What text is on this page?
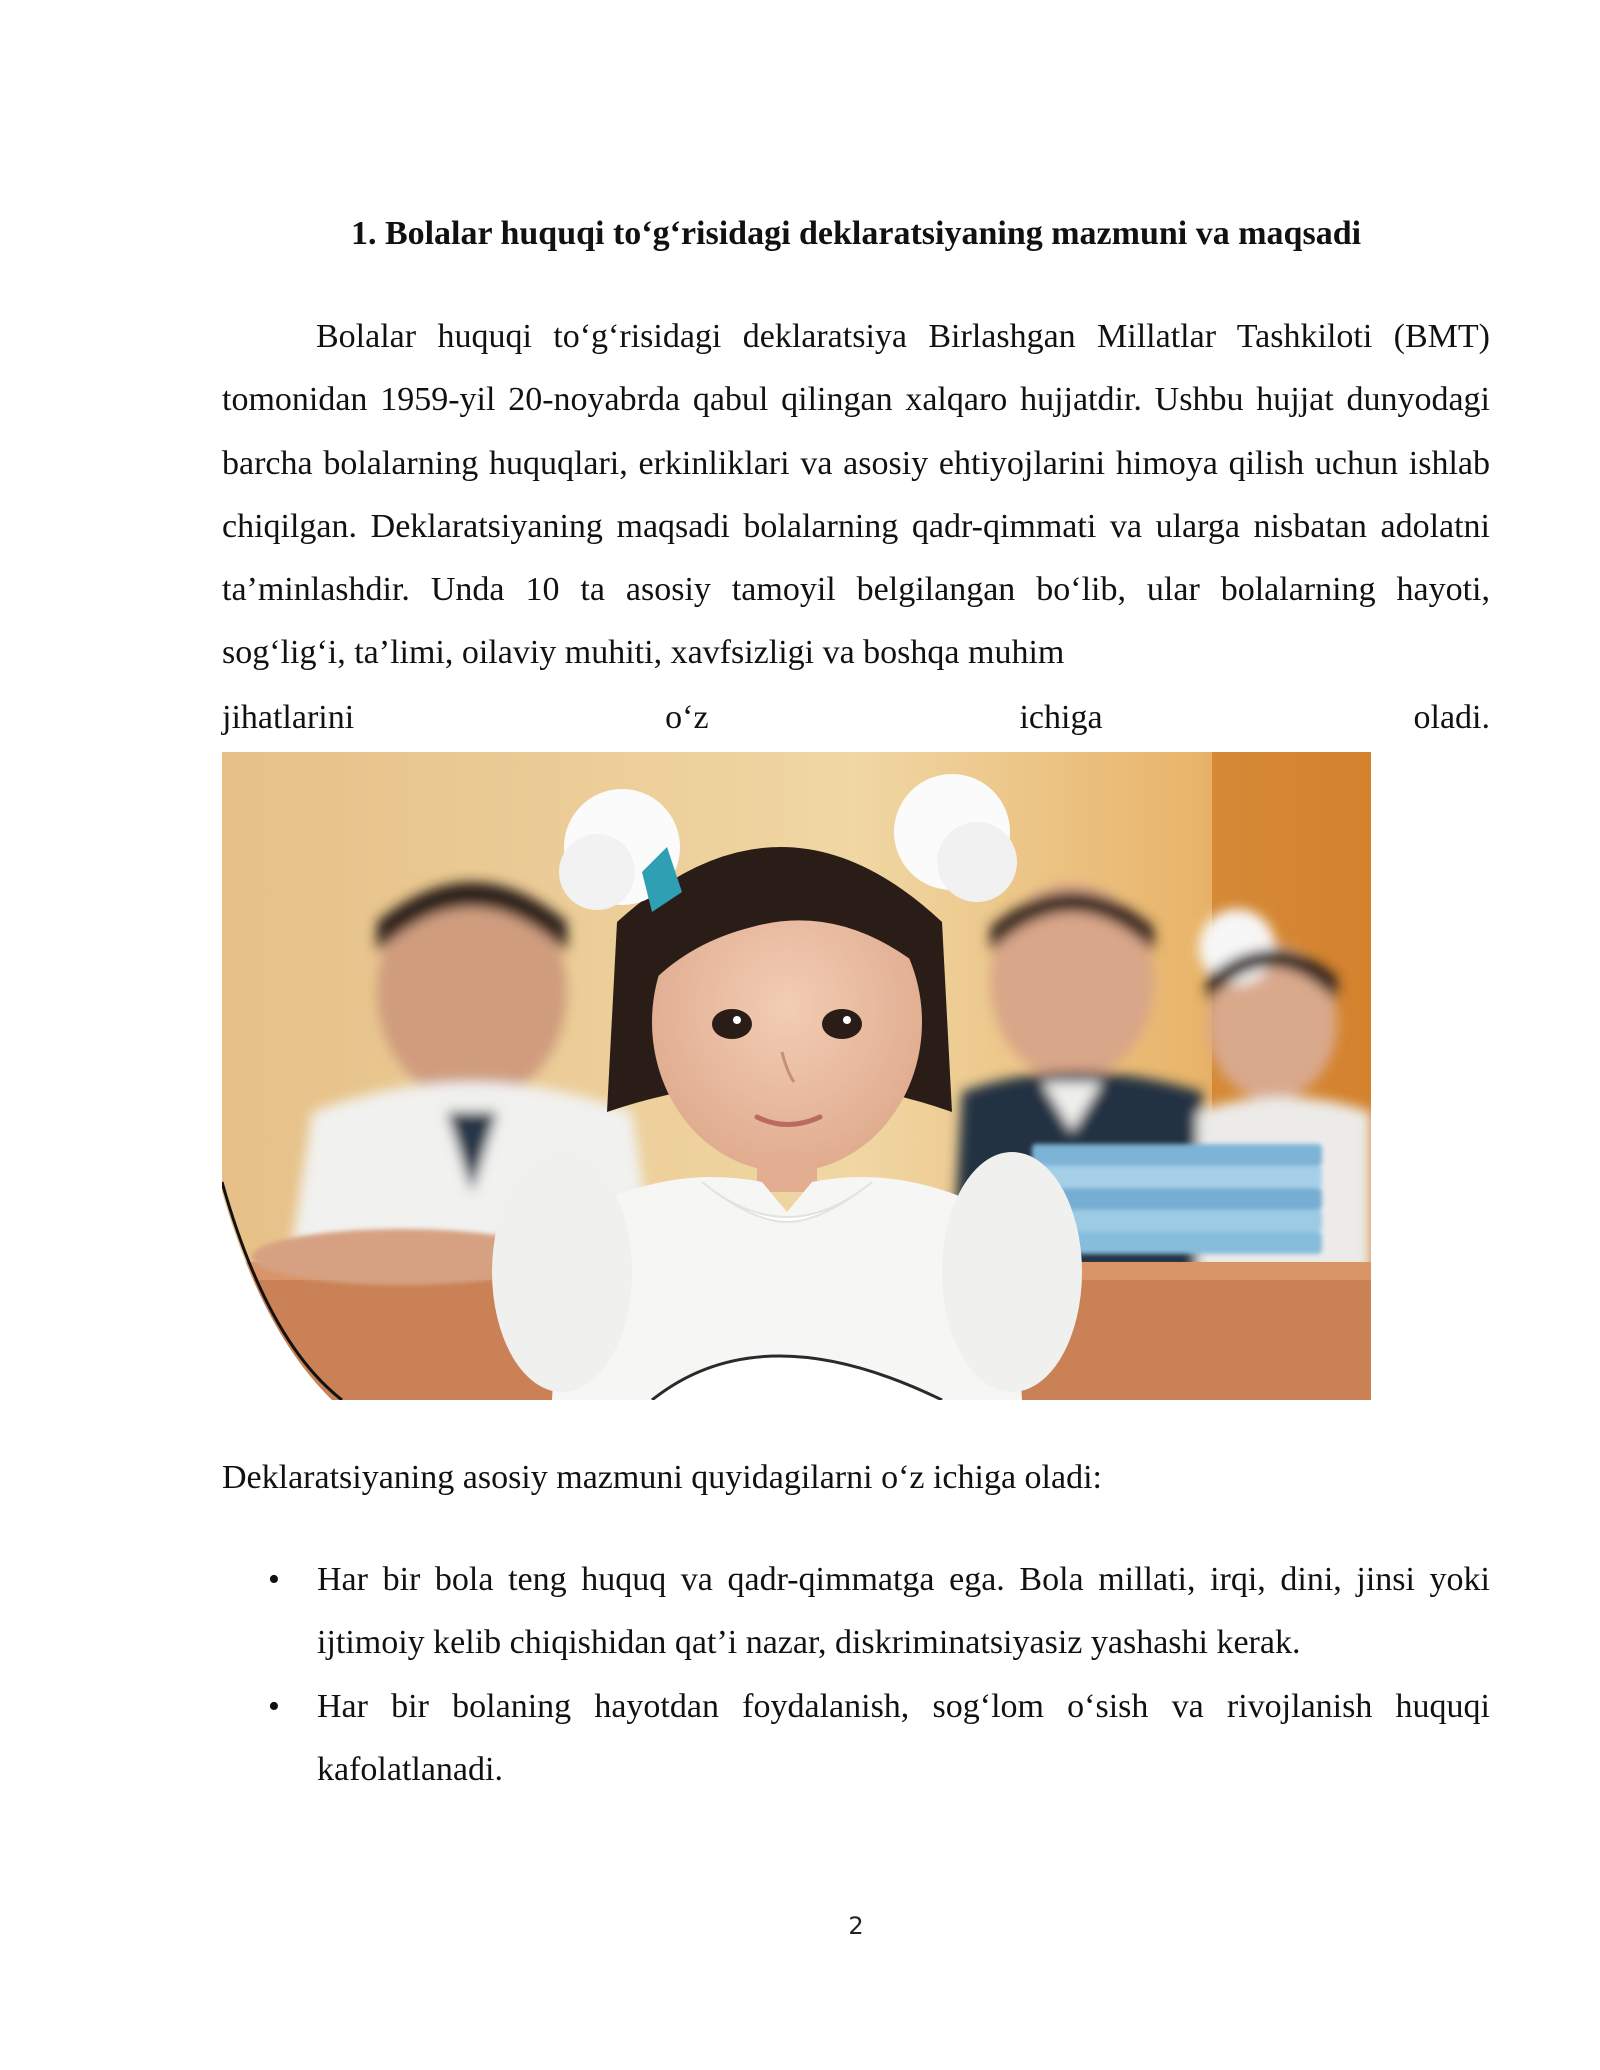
1. Bolalar huquqi to‘g‘risidagi deklaratsiyaning mazmuni va maqsadi

Bolalar huquqi to‘g‘risidagi deklaratsiya Birlashgan Millatlar Tashkiloti (BMT) tomonidan 1959-yil 20-noyabrda qabul qilingan xalqaro hujjatdir. Ushbu hujjat dunyodagi barcha bolalarning huquqlari, erkinliklari va asosiy ehtiyojlarini himoya qilish uchun ishlab chiqilgan. Deklaratsiyaning maqsadi bolalarning qadr-qimmati va ularga nisbatan adolatni ta’minlashdir. Unda 10 ta asosiy tamoyil belgilangan bo‘lib, ular bolalarning hayoti, sog‘lig‘i, ta’limi, oilaviy muhiti, xavfsizligi va boshqa muhim

jihatlarini	o‘z	ichiga	oladi.

Deklaratsiyaning asosiy mazmuni quyidagilarni o‘z ichiga oladi:

• Har bir bola teng huquq va qadr-qimmatga ega. Bola millati, irqi, dini, jinsi yoki ijtimoiy kelib chiqishidan qat’i nazar, diskriminatsiyasiz yashashi kerak.
• Har bir bolaning hayotdan foydalanish, sog‘lom o‘sish va rivojlanish huquqi kafolatlanadi.
2
